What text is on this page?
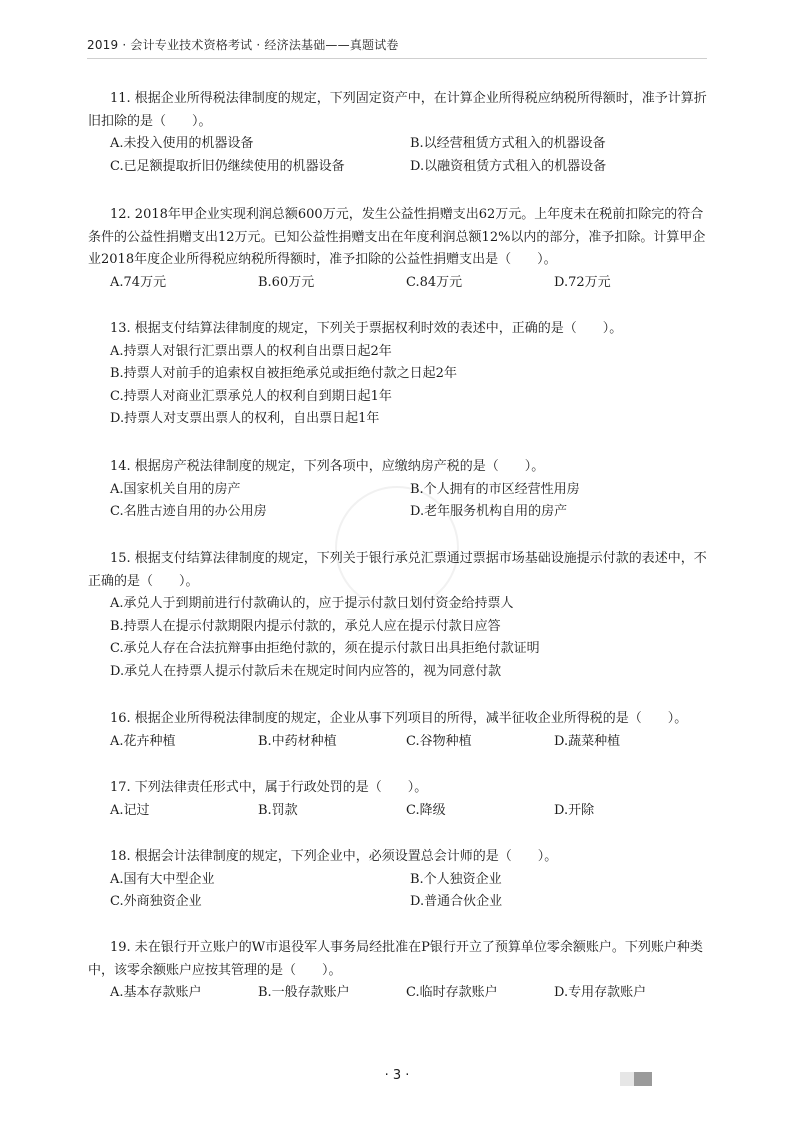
2019 · 会计专业技术资格考试 · 经济法基础——真题试卷
11. 根据企业所得税法律制度的规定，下列固定资产中，在计算企业所得税应纳税所得额时，准予计算折旧扣除的是（　　）。
A.未投入使用的机器设备	B.以经营租赁方式租入的机器设备
C.已足额提取折旧仍继续使用的机器设备	D.以融资租赁方式租入的机器设备
12. 2018年甲企业实现利润总额600万元，发生公益性捐赠支出62万元。上年度未在税前扣除完的符合条件的公益性捐赠支出12万元。已知公益性捐赠支出在年度利润总额12%以内的部分，准予扣除。计算甲企业2018年度企业所得税应纳税所得额时，准予扣除的公益性捐赠支出是（　　）。
A.74万元	B.60万元	C.84万元	D.72万元
13. 根据支付结算法律制度的规定，下列关于票据权利时效的表述中，正确的是（　　）。
A.持票人对银行汇票出票人的权利自出票日起2年
B.持票人对前手的追索权自被拒绝承兑或拒绝付款之日起2年
C.持票人对商业汇票承兑人的权利自到期日起1年
D.持票人对支票出票人的权利，自出票日起1年
14. 根据房产税法律制度的规定，下列各项中，应缴纳房产税的是（　　）。
A.国家机关自用的房产	B.个人拥有的市区经营性用房
C.名胜古迹自用的办公用房	D.老年服务机构自用的房产
15. 根据支付结算法律制度的规定，下列关于银行承兑汇票通过票据市场基础设施提示付款的表述中，不正确的是（　　）。
A.承兑人于到期前进行付款确认的，应于提示付款日划付资金给持票人
B.持票人在提示付款期限内提示付款的，承兑人应在提示付款日应答
C.承兑人存在合法抗辩事由拒绝付款的，须在提示付款日出具拒绝付款证明
D.承兑人在持票人提示付款后未在规定时间内应答的，视为同意付款
16. 根据企业所得税法律制度的规定，企业从事下列项目的所得，减半征收企业所得税的是（　　）。
A.花卉种植	B.中药材种植	C.谷物种植	D.蔬菜种植
17. 下列法律责任形式中，属于行政处罚的是（　　）。
A.记过	B.罚款	C.降级	D.开除
18. 根据会计法律制度的规定，下列企业中，必须设置总会计师的是（　　）。
A.国有大中型企业	B.个人独资企业
C.外商独资企业	D.普通合伙企业
19. 未在银行开立账户的W市退役军人事务局经批准在P银行开立了预算单位零余额账户。下列账户种类中，该零余额账户应按其管理的是（　　）。
A.基本存款账户	B.一般存款账户	C.临时存款账户	D.专用存款账户
· 3 ·
